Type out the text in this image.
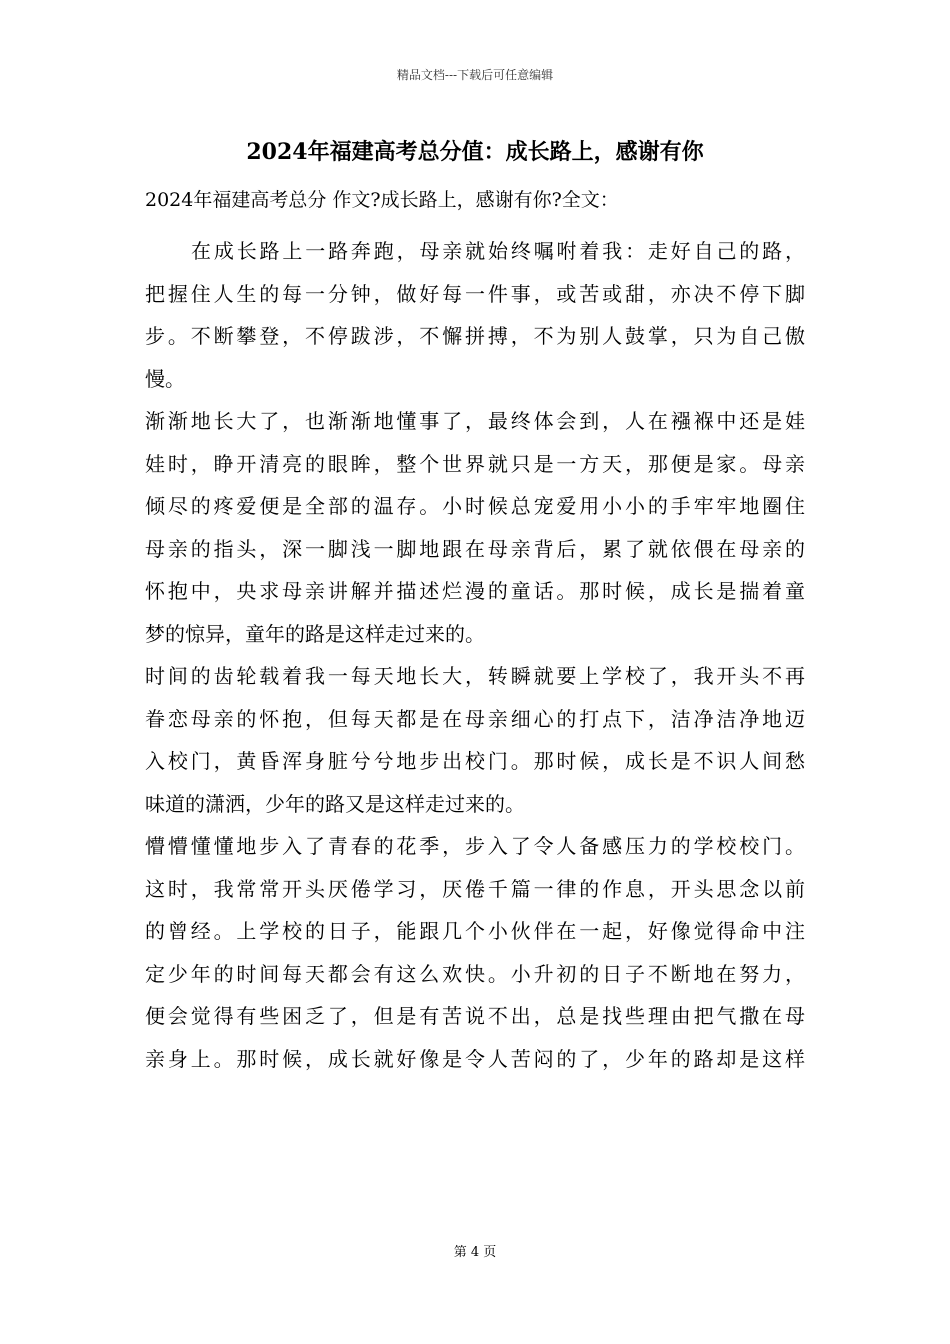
精品文档---下载后可任意编辑
2024年福建高考总分值：成长路上，感谢有你
2024年福建高考总分 作文?成长路上，感谢有你?全文：
在成长路上一路奔跑，母亲就始终嘱咐着我：走好自己的路，
把握住人生的每一分钟，做好每一件事，或苦或甜，亦决不停下脚
步。不断攀登，不停跋涉，不懈拼搏，不为别人鼓掌，只为自己傲
慢。
渐渐地长大了，也渐渐地懂事了，最终体会到，人在襁褓中还是娃
娃时，睁开清亮的眼眸，整个世界就只是一方天，那便是家。母亲
倾尽的疼爱便是全部的温存。小时候总宠爱用小小的手牢牢地圈住
母亲的指头，深一脚浅一脚地跟在母亲背后，累了就依偎在母亲的
怀抱中，央求母亲讲解并描述烂漫的童话。那时候，成长是揣着童
梦的惊异，童年的路是这样走过来的。
时间的齿轮载着我一每天地长大，转瞬就要上学校了，我开头不再
眷恋母亲的怀抱，但每天都是在母亲细心的打点下，洁净洁净地迈
入校门，黄昏浑身脏兮兮地步出校门。那时候，成长是不识人间愁
味道的潇洒，少年的路又是这样走过来的。
懵懵懂懂地步入了青春的花季，步入了令人备感压力的学校校门。
这时，我常常开头厌倦学习，厌倦千篇一律的作息，开头思念以前
的曾经。上学校的日子，能跟几个小伙伴在一起，好像觉得命中注
定少年的时间每天都会有这么欢快。小升初的日子不断地在努力，
便会觉得有些困乏了，但是有苦说不出，总是找些理由把气撒在母
亲身上。那时候，成长就好像是令人苦闷的了，少年的路却是这样
第 4 页
